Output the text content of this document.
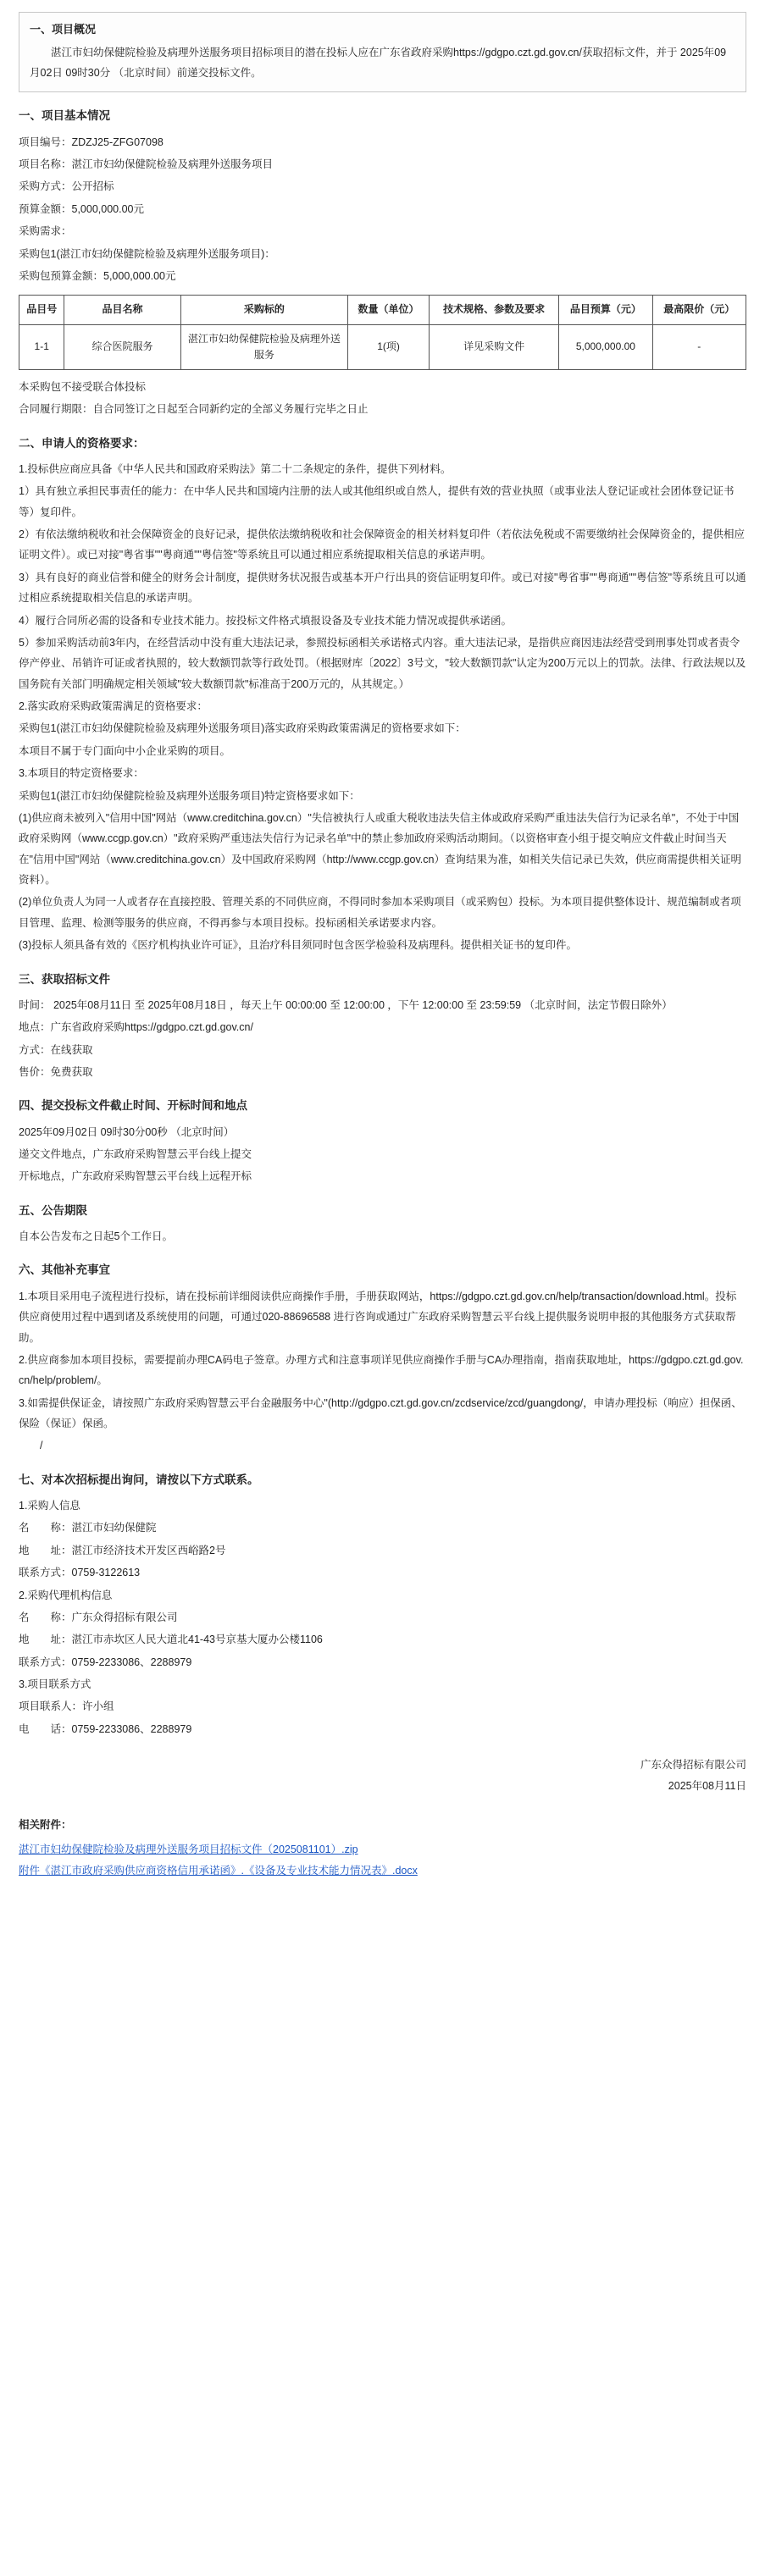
一、项目概况
湛江市妇幼保健院检验及病理外送服务项目招标项目的潜在投标人应在广东省政府采购https://gdgpo.czt.gd.gov.cn/获取招标文件，并于 2025年09月02日 09时30分 （北京时间）前递交投标文件。
一、项目基本情况
项目编号：ZDZJ25-ZFG07098
项目名称：湛江市妇幼保健院检验及病理外送服务项目
采购方式：公开招标
预算金额：5,000,000.00元
采购需求：
采购包1(湛江市妇幼保健院检验及病理外送服务项目)：
采购包预算金额：5,000,000.00元
品目号	品目名称	采购标的	数量（单位）	技术规格、参数及要求	品目预算（元）	最高限价（元）
1-1	综合医院服务	湛江市妇幼保健院检验及病理外送服务	1(项)	详见采购文件	5,000,000.00	-
本采购包不接受联合体投标
合同履行期限：自合同签订之日起至合同新约定的全部义务履行完毕之日止
二、申请人的资格要求：
1.投标供应商应具备《中华人民共和国政府采购法》第二十二条规定的条件，提供下列材料。
1）具有独立承担民事责任的能力：在中华人民共和国境内注册的法人或其他组织或自然人，提供有效的营业执照（或事业法人登记证或社会团体登记证书等）复印件。
2）有依法缴纳税收和社会保障资金的良好记录，提供依法缴纳税收和社会保障资金的相关材料复印件（若依法免税或不需要缴纳社会保障资金的，提供相应证明文件）。或已对接"粤省事""粤商通""粤信签"等系统且可以通过相应系统提取相关信息的承诺声明。
3）具有良好的商业信誉和健全的财务会计制度，提供财务状况报告或基本开户行出具的资信证明复印件。或已对接"粤省事""粤商通""粤信签"等系统且可以通过相应系统提取相关信息的承诺声明。
4）履行合同所必需的设备和专业技术能力。按投标文件格式填报设备及专业技术能力情况或提供承诺函。
5）参加采购活动前3年内，在经营活动中没有重大违法记录，参照投标函相关承诺格式内容。重大违法记录，是指供应商因违法经营受到刑事处罚或者责令停产停业、吊销许可证或者执照的，较大数额罚款等行政处罚。（根据财库〔2022〕3号文，"较大数额罚款"认定为200万元以上的罚款。法律、行政法规以及国务院有关部门明确规定相关领域"较大数额罚款"标准高于200万元的，从其规定。）
2.落实政府采购政策需满足的资格要求：
采购包1(湛江市妇幼保健院检验及病理外送服务项目)落实政府采购政策需满足的资格要求如下：
本项目不属于专门面向中小企业采购的项目。
3.本项目的特定资格要求：
采购包1(湛江市妇幼保健院检验及病理外送服务项目)特定资格要求如下：
(1)供应商未被列入"信用中国"网站（www.creditchina.gov.cn）"失信被执行人或重大税收违法失信主体或政府采购严重违法失信行为记录名单"，不处于中国政府采购网（www.ccgp.gov.cn）"政府采购严重违法失信行为记录名单"中的禁止参加政府采购活动期间。（以资格审查小组于提交响应文件截止时间当天在"信用中国"网站（www.creditchina.gov.cn）及中国政府采购网（http://www.ccgp.gov.cn）查询结果为准，如相关失信记录已失效，供应商需提供相关证明资料）。
(2)单位负责人为同一人或者存在直接控股、管理关系的不同供应商，不得同时参加本采购项目（或采购包）投标。为本项目提供整体设计、规范编制或者项目管理、监理、检测等服务的供应商，不得再参与本项目投标。投标函相关承诺要求内容。
(3)投标人须具备有效的《医疗机构执业许可证》，且治疗科目须同时包含医学检验科及病理科。提供相关证书的复印件。
三、获取招标文件
时间： 2025年08月11日 至 2025年08月18日 ，每天上午 00:00:00 至 12:00:00 ，下午 12:00:00 至 23:59:59 （北京时间，法定节假日除外）
地点：广东省政府采购https://gdgpo.czt.gd.gov.cn/
方式：在线获取
售价：免费获取
四、提交投标文件截止时间、开标时间和地点
2025年09月02日 09时30分00秒 （北京时间）
递交文件地点，广东政府采购智慧云平台线上提交
开标地点，广东政府采购智慧云平台线上远程开标
五、公告期限
自本公告发布之日起5个工作日。
六、其他补充事宜
1.本项目采用电子流程进行投标，请在投标前详细阅读供应商操作手册，手册获取网站，https://gdgpo.czt.gd.gov.cn/help/transaction/download.html。投标供应商使用过程中遇到诸及系统使用的问题，可通过020-88696588 进行咨询或通过广东政府采购智慧云平台线上提供服务说明申报的其他服务方式获取帮助。
2.供应商参加本项目投标，需要提前办理CA码电子签章。办理方式和注意事项详见供应商操作手册与CA办理指南，指南获取地址，https://gdgpo.czt.gd.gov.cn/help/problem/。
3.如需提供保证金，请按照广东政府采购智慧云平台金融服务中心"(http://gdgpo.czt.gd.gov.cn/zcdservice/zcd/guangdong/，申请办理投标（响应）担保函、保险（保证）保函。
/
七、对本次招标提出询问，请按以下方式联系。
1.采购人信息
名　　称：湛江市妇幼保健院
地　　址：湛江市经济技术开发区西峪路2号
联系方式：0759-3122613
2.采购代理机构信息
名　　称：广东众得招标有限公司
地　　址：湛江市赤坎区人民大道北41-43号京基大厦办公楼1106
联系方式：0759-2233086、2288979
3.项目联系方式
项目联系人：许小组
电　　话：0759-2233086、2288979
广东众得招标有限公司
2025年08月11日
相关附件：
湛江市妇幼保健院检验及病理外送服务项目招标文件（2025081101）.zip
附件《湛江市政府采购供应商资格信用承诺函》.《设备及专业技术能力情况表》.docx
